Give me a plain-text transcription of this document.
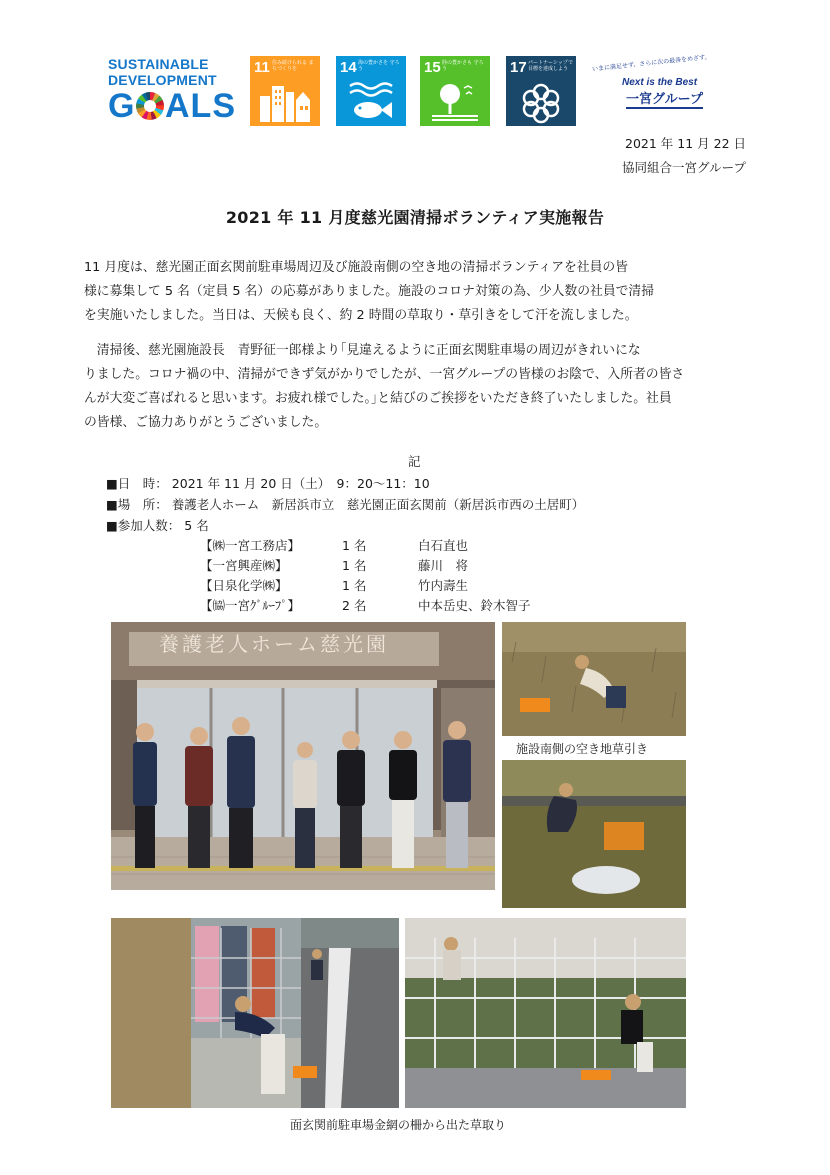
SUSTAINABLE
DEVELOPMENT
G ALS
11 住み続けられる まちづくりを	14 海の豊かさを 守ろう	15 陸の豊かさも 守ろう	17 パートナーシップで 目標を達成しよう	いまに満足せず、さらに次の最善をめざす。
Next is the Best
一宮グループ
2021 年 11 月 22 日
協同組合一宮グループ
2021 年 11 月度慈光園清掃ボランティア実施報告

11 月度は、慈光園正面玄関前駐車場周辺及び施設南側の空き地の清掃ボランティアを社員の皆

様に募集して 5 名（定員 5 名）の応募がありました。施設のコロナ対策の為、少人数の社員で清掃

を実施いたしました。当日は、天候も良く、約 2 時間の草取り・草引きをして汗を流しました。

　清掃後、慈光園施設長　青野征一郎様より｢見違えるように正面玄関駐車場の周辺がきれいにな

りました。コロナ禍の中、清掃ができず気がかりでしたが、一宮グループの皆様のお陰で、入所者の皆さ

んが大変ご喜ばれると思います。お疲れ様でした。｣と結びのご挨拶をいただき終了いたしました。社員

の皆様、ご協力ありがとうございました。

記
■日　時： 2021 年 11 月 20 日（土）　9：20～11：10
■場　所： 養護老人ホーム　新居浜市立　慈光園正面玄関前（新居浜市西の土居町）
■参加人数： 5 名
【㈱一宮工務店】	1 名	白石直也
【一宮興産㈱】	1 名	藤川　将
【日泉化学㈱】	1 名	竹内壽生
【㈿一宮ｸﾞﾙｰﾌﾟ】	2 名	中本岳史、鈴木智子
養護老人ホーム慈光園
施設南側の空き地草引き
面玄関前駐車場金網の柵から出た草取り
